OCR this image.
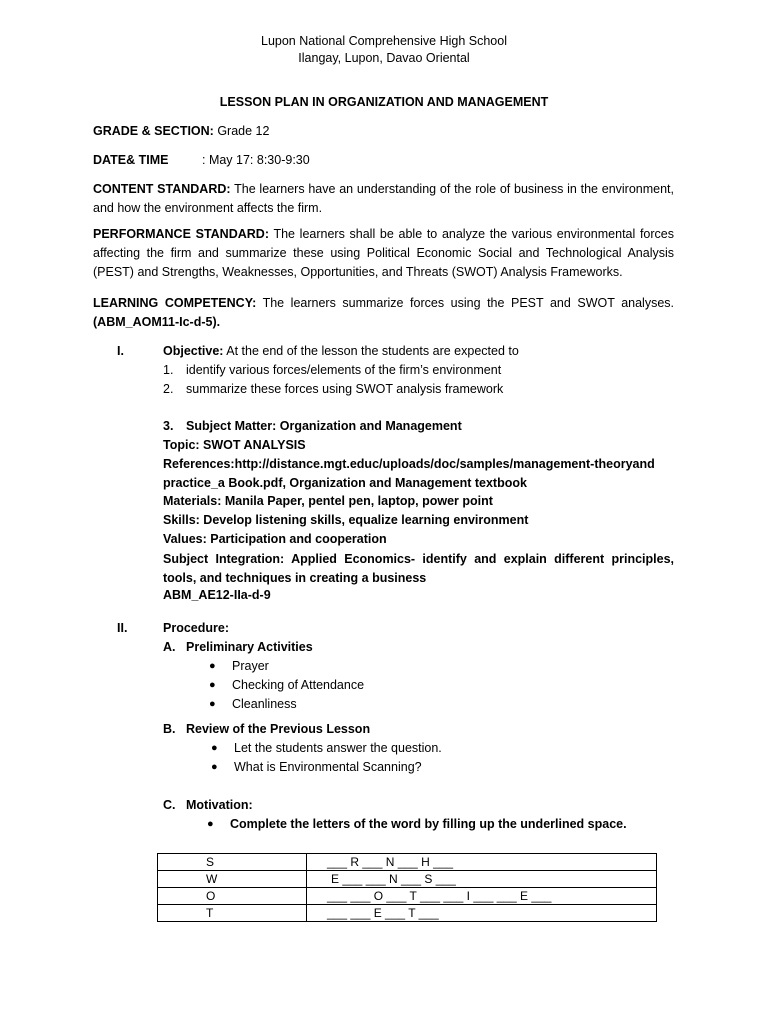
Lupon National Comprehensive High School
Ilangay, Lupon, Davao Oriental
LESSON PLAN IN ORGANIZATION AND MANAGEMENT
GRADE & SECTION: Grade 12
DATE& TIME	: May 17: 8:30-9:30
CONTENT STANDARD: The learners have an understanding of the role of business in the environment, and how the environment affects the firm.
PERFORMANCE STANDARD: The learners shall be able to analyze the various environmental forces affecting the firm and summarize these using Political Economic Social and Technological Analysis (PEST) and Strengths, Weaknesses, Opportunities, and Threats (SWOT) Analysis Frameworks.
LEARNING COMPETENCY: The learners summarize forces using the PEST and SWOT analyses. (ABM_AOM11-Ic-d-5).
I.	Objective: At the end of the lesson the students are expected to
1. identify various forces/elements of the firm’s environment
2. summarize these forces using SWOT analysis framework
3. Subject Matter: Organization and Management
Topic: SWOT ANALYSIS
References:http://distance.mgt.educ/uploads/doc/samples/management-theoryand
practice_a Book.pdf, Organization and Management textbook
Materials: Manila Paper, pentel pen, laptop, power point
Skills: Develop listening skills, equalize learning environment
Values: Participation and cooperation
Subject Integration: Applied Economics- identify and explain different principles, tools, and techniques in creating a business
ABM_AE12-IIa-d-9
II.	Procedure:
A. Preliminary Activities
● Prayer
● Checking of Attendance
● Cleanliness
B. Review of the Previous Lesson
● Let the students answer the question.
● What is Environmental Scanning?
C. Motivation:
● Complete the letters of the word by filling up the underlined space.
S	___ R ___ N ___ H ___
W	E ___ ___ N ___ S ___
O	___ ___ O ___ T ___ ___ I ___ ___ E ___
T	___ ___ E ___ T ___
